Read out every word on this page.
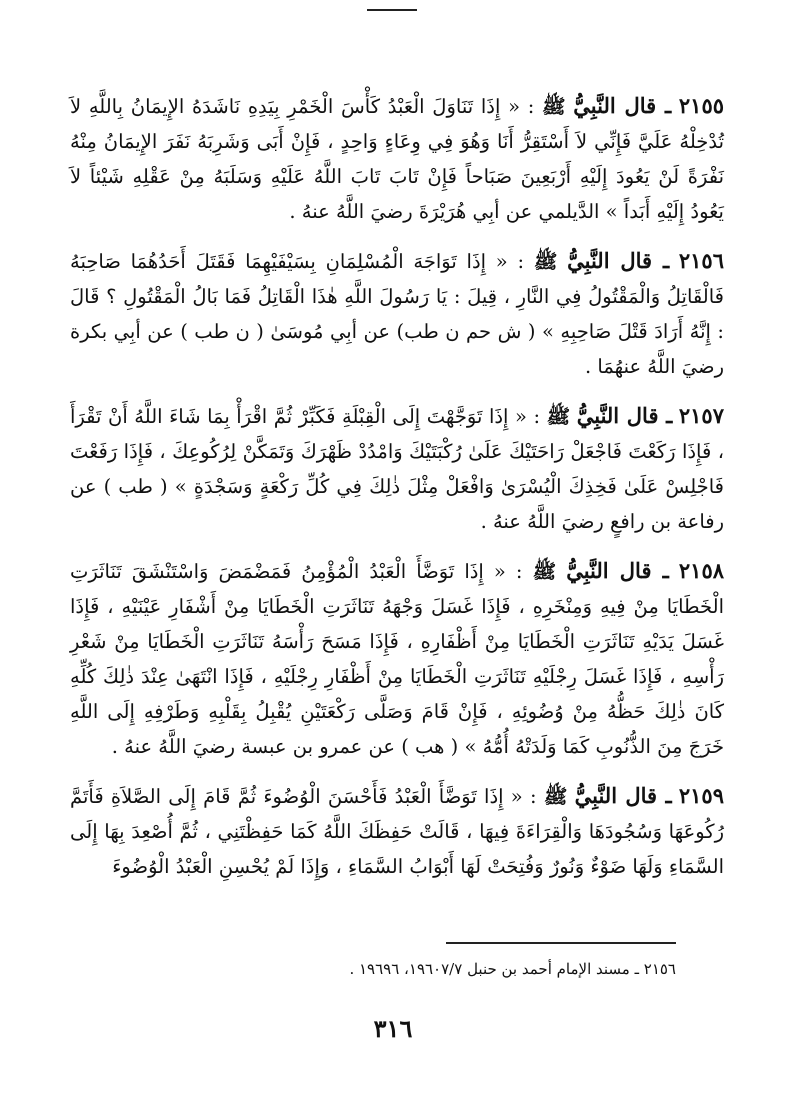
٢١٥٥ ـ قال النَّبِيُّ ﷺ : « إِذَا تَنَاوَلَ الْعَبْدُ كَأْسَ الْخَمْرِ بِيَدِهِ نَاشَدَهُ الإِيمَانُ بِاللَّهِ لاَ تُدْخِلْهُ عَلَيَّ فَإِنِّي لاَ أَسْتَقِرُّ أَنَا وَهُوَ فِي وِعَاءٍ وَاحِدٍ ، فَإِنْ أَبَى وَشَرِبَهُ نَفَرَ الإِيمَانُ مِنْهُ نَفْرَةً لَنْ يَعُودَ إِلَيْهِ أَرْبَعِينَ صَبَاحاً فَإِنْ تَابَ تَابَ اللَّهُ عَلَيْهِ وَسَلَبَهُ مِنْ عَقْلِهِ شَيْئاً لاَ يَعُودُ إِلَيْهِ أَبَداً » الدَّيلمي عن أبِي هُرَيْرَةَ رضيَ اللَّهُ عنهُ .

٢١٥٦ ـ قال النَّبِيُّ ﷺ : « إِذَا تَوَاجَهَ الْمُسْلِمَانِ بِسَيْفَيْهِمَا فَقَتَلَ أَحَدُهُمَا صَاحِبَهُ فَالْقَاتِلُ وَالْمَقْتُولُ فِي النَّارِ ، قِيلَ : يَا رَسُولَ اللَّهِ هٰذَا الْقَاتِلُ فَمَا بَالُ الْمَقْتُولِ ؟ قَالَ : إِنَّهُ أَرَادَ قَتْلَ صَاحِبِهِ » ( ش حم ن طب) عن أبِي مُوسَىٰ ( ن طب ) عن أبِي بكرة رضيَ اللَّهُ عنهُمَا .

٢١٥٧ ـ قال النَّبِيُّ ﷺ : « إِذَا تَوَجَّهْتَ إِلَى الْقِبْلَةِ فَكَبِّرْ ثُمَّ اقْرَأْ بِمَا شَاءَ اللَّهُ أَنْ تَقْرَأَ ، فَإِذَا رَكَعْتَ فَاجْعَلْ رَاحَتَيْكَ عَلَىٰ رُكْبَتَيْكَ وَامْدُدْ ظَهْرَكَ وَتَمَكَّنْ لِرُكُوعِكَ ، فَإِذَا رَفَعْتَ فَاجْلِسْ عَلَىٰ فَخِذِكَ الْيُسْرَىٰ وَافْعَلْ مِثْلَ ذٰلِكَ فِي كُلِّ رَكْعَةٍ وَسَجْدَةٍ » ( طب ) عن رفاعة بن رافعٍ رضيَ اللَّهُ عنهُ .

٢١٥٨ ـ قال النَّبِيُّ ﷺ : « إِذَا تَوَضَّأَ الْعَبْدُ الْمُؤْمِنُ فَمَضْمَضَ وَاسْتَنْشَقَ تَنَاثَرَتِ الْخَطَايَا مِنْ فِيهِ وَمِنْخَرِهِ ، فَإِذَا غَسَلَ وَجْهَهُ تَنَاثَرَتِ الْخَطَايَا مِنْ أَشْفَارِ عَيْنَيْهِ ، فَإِذَا غَسَلَ يَدَيْهِ تَنَاثَرَتِ الْخَطَايَا مِنْ أَظْفَارِهِ ، فَإِذَا مَسَحَ رَأْسَهُ تَنَاثَرَتِ الْخَطَايَا مِنْ شَعْرِ رَأْسِهِ ، فَإِذَا غَسَلَ رِجْلَيْهِ تَنَاثَرَتِ الْخَطَايَا مِنْ أَظْفَارِ رِجْلَيْهِ ، فَإِذَا انْتَهَىٰ عِنْدَ ذٰلِكَ كُلِّهِ كَانَ ذٰلِكَ حَظُّهُ مِنْ وُضُوئِهِ ، فَإِنْ قَامَ وَصَلَّى رَكْعَتَيْنِ يُقْبِلُ بِقَلْبِهِ وَطَرْفِهِ إِلَى اللَّهِ خَرَجَ مِنَ الذُّنُوبِ كَمَا وَلَدَتْهُ أُمُّهُ » ( هب ) عن عمرو بن عبسة رضيَ اللَّهُ عنهُ .

٢١٥٩ ـ قال النَّبِيُّ ﷺ : « إِذَا تَوَضَّأَ الْعَبْدُ فَأَحْسَنَ الْوُضُوءَ ثُمَّ قَامَ إِلَى الصَّلاَةِ فَأَتَمَّ رُكُوعَهَا وَسُجُودَهَا وَالْقِرَاءَةَ فِيهَا ، قَالَتْ حَفِظَكَ اللَّهُ كَمَا حَفِظْتَنِي ، ثُمَّ أُصْعِدَ بِهَا إِلَى السَّمَاءِ وَلَهَا ضَوْءٌ وَنُورٌ وَفُتِحَتْ لَهَا أَبْوَابُ السَّمَاءِ ، وَإِذَا لَمْ يُحْسِنِ الْعَبْدُ الْوُضُوءَ

٢١٥٦ ـ مسند الإمام أحمد بن حنبل ١٩٦٠٧/٧، ١٩٦٩٦ .
٣١٦
